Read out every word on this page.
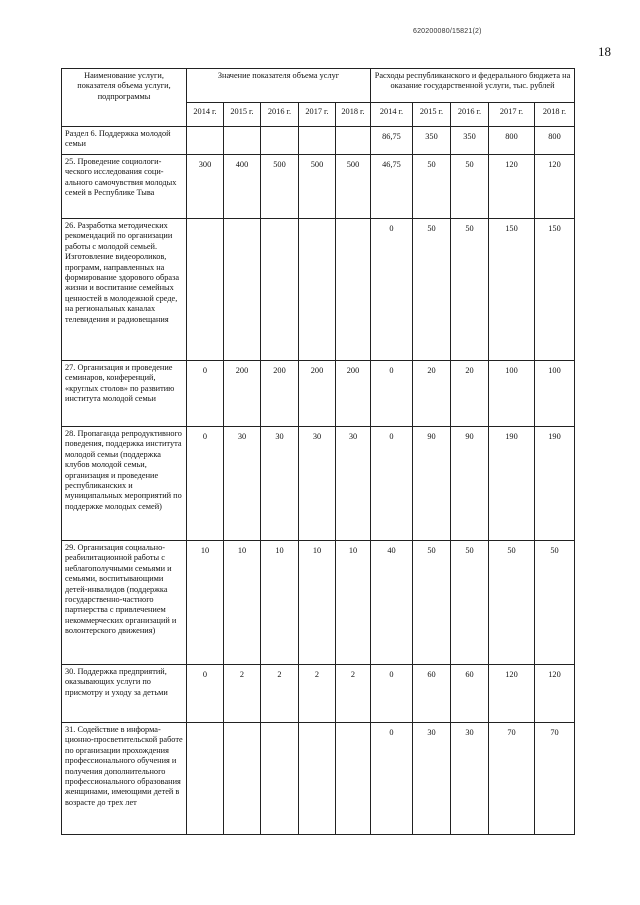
620200080/15821(2)
18
Наименование услуги, показателя объема услуги, подпрограммы	Значение показателя объема услуг					Расходы республиканского и федерального бюджета на оказание государственной услуги, тыс. рублей				
	2014 г.	2015 г.	2016 г.	2017 г.	2018 г.	2014 г.	2015 г.	2016 г.	2017 г.	2018 г.
Раздел 6. Поддержка молодой семьи						86,75	350	350	800	800
25. Проведение социологического исследования социального самочувствия молодых семей в Республике Тыва	300	400	500	500	500	46,75	50	50	120	120
26. Разработка методических рекомендаций по организации работы с молодой семьей. Изготовление видеороликов, программ, направленных на формирование здорового образа жизни и воспитание семейных ценностей в молодежной среде, на региональных каналах телевидения и радиовещания						0	50	50	150	150
27. Организация и проведение семинаров, конференций, «круглых столов» по развитию института молодой семьи	0	200	200	200	200	0	20	20	100	100
28. Пропаганда репродуктивного поведения, поддержка института молодой семьи (поддержка клубов молодой семьи, организация и проведение республиканских и муниципальных мероприятий по поддержке молодых семей)	0	30	30	30	30	0	90	90	190	190
29. Организация социально-реабилитационной работы с неблагополучными семьями и семьями, воспитывающими детей-инвалидов (поддержка государственно-частного партнерства с привлечением некоммерческих организаций и волонтерского движения)	10	10	10	10	10	40	50	50	50	50
30. Поддержка предприятий, оказывающих услуги по присмотру и уходу за детьми	0	2	2	2	2	0	60	60	120	120
31. Содействие в информационно-просветительской работе по организации прохождения профессионального обучения и получения дополнительного профессионального образования женщинами, имеющими детей в возрасте до трех лет						0	30	30	70	70
